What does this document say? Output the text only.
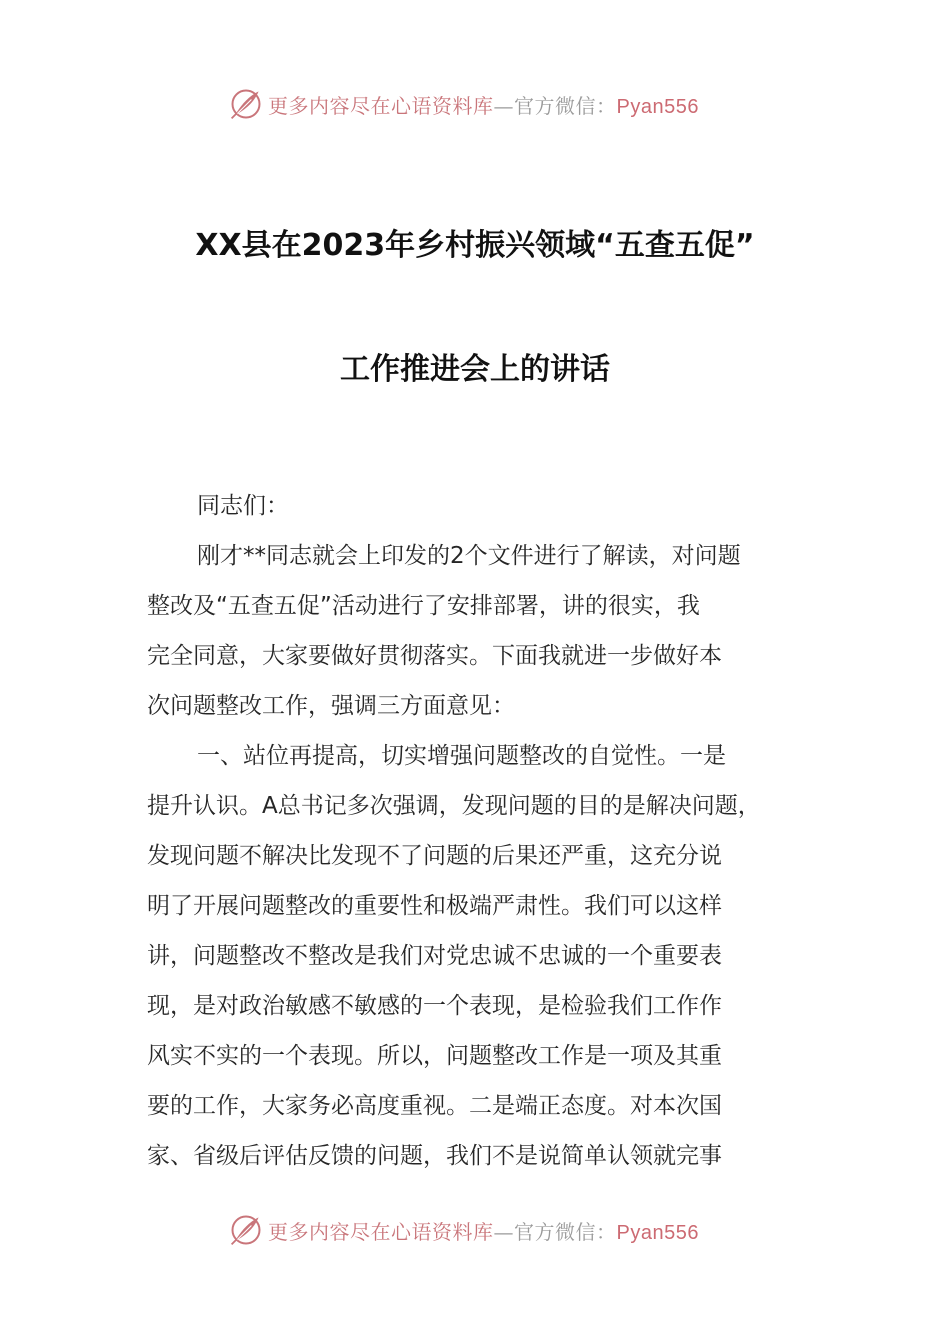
更多内容尽在心语资料库—官方微信：Pyan556
XX县在2023年乡村振兴领域“五查五促”
工作推进会上的讲话
同志们：
刚才**同志就会上印发的2个文件进行了解读，对问题
整改及“五查五促”活动进行了安排部署，讲的很实，我
完全同意，大家要做好贯彻落实。下面我就进一步做好本
次问题整改工作，强调三方面意见：
一、站位再提高，切实增强问题整改的自觉性。一是
提升认识。A总书记多次强调，发现问题的目的是解决问题，
发现问题不解决比发现不了问题的后果还严重，这充分说
明了开展问题整改的重要性和极端严肃性。我们可以这样
讲，问题整改不整改是我们对党忠诚不忠诚的一个重要表
现，是对政治敏感不敏感的一个表现，是检验我们工作作
风实不实的一个表现。所以，问题整改工作是一项及其重
要的工作，大家务必高度重视。二是端正态度。对本次国
家、省级后评估反馈的问题，我们不是说简单认领就完事
更多内容尽在心语资料库—官方微信：Pyan556
